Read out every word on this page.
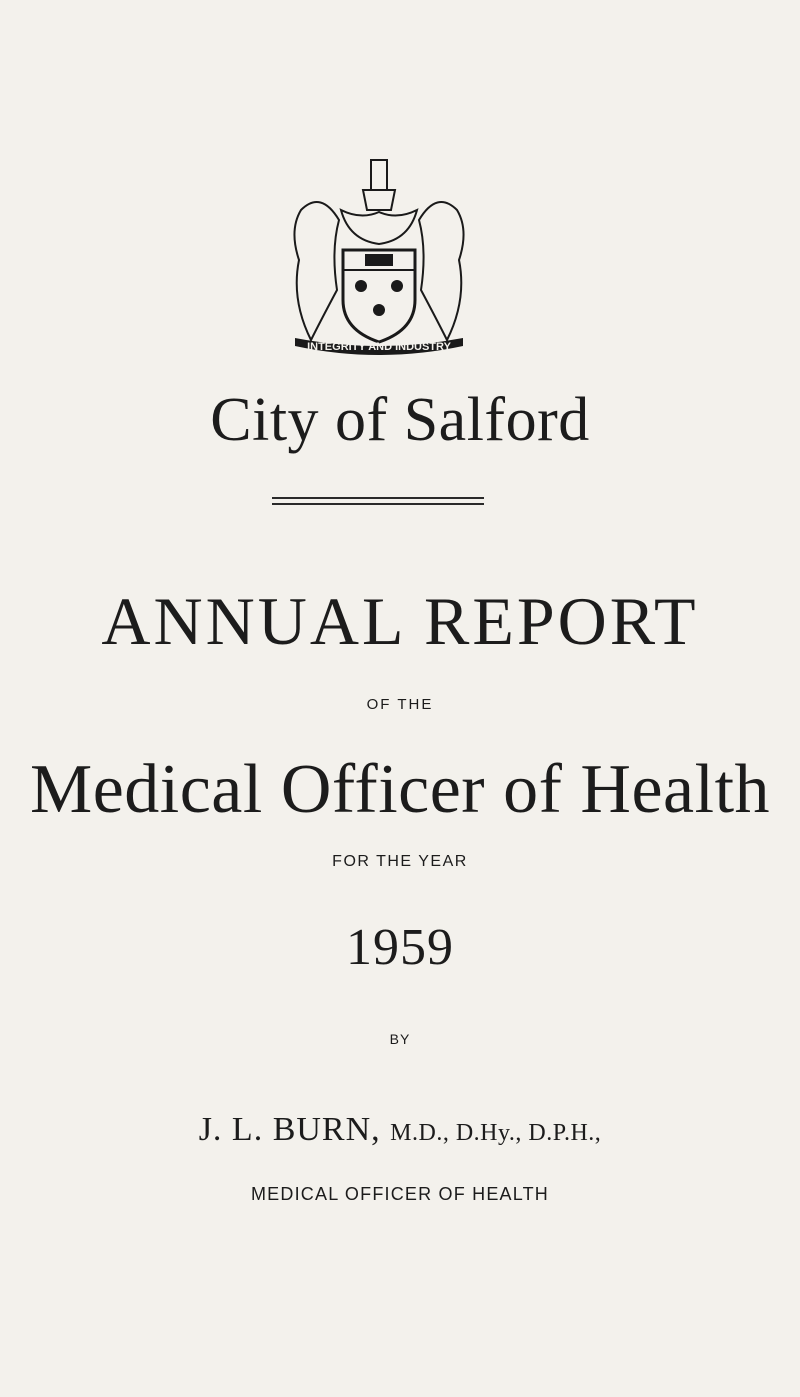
INTEGRITY AND INDUSTRY
City of Salford
ANNUAL REPORT
OF THE
Medical Officer of Health
FOR THE YEAR
1959
BY
J. L. BURN, M.D., D.Hy., D.P.H.,
MEDICAL OFFICER OF HEALTH
